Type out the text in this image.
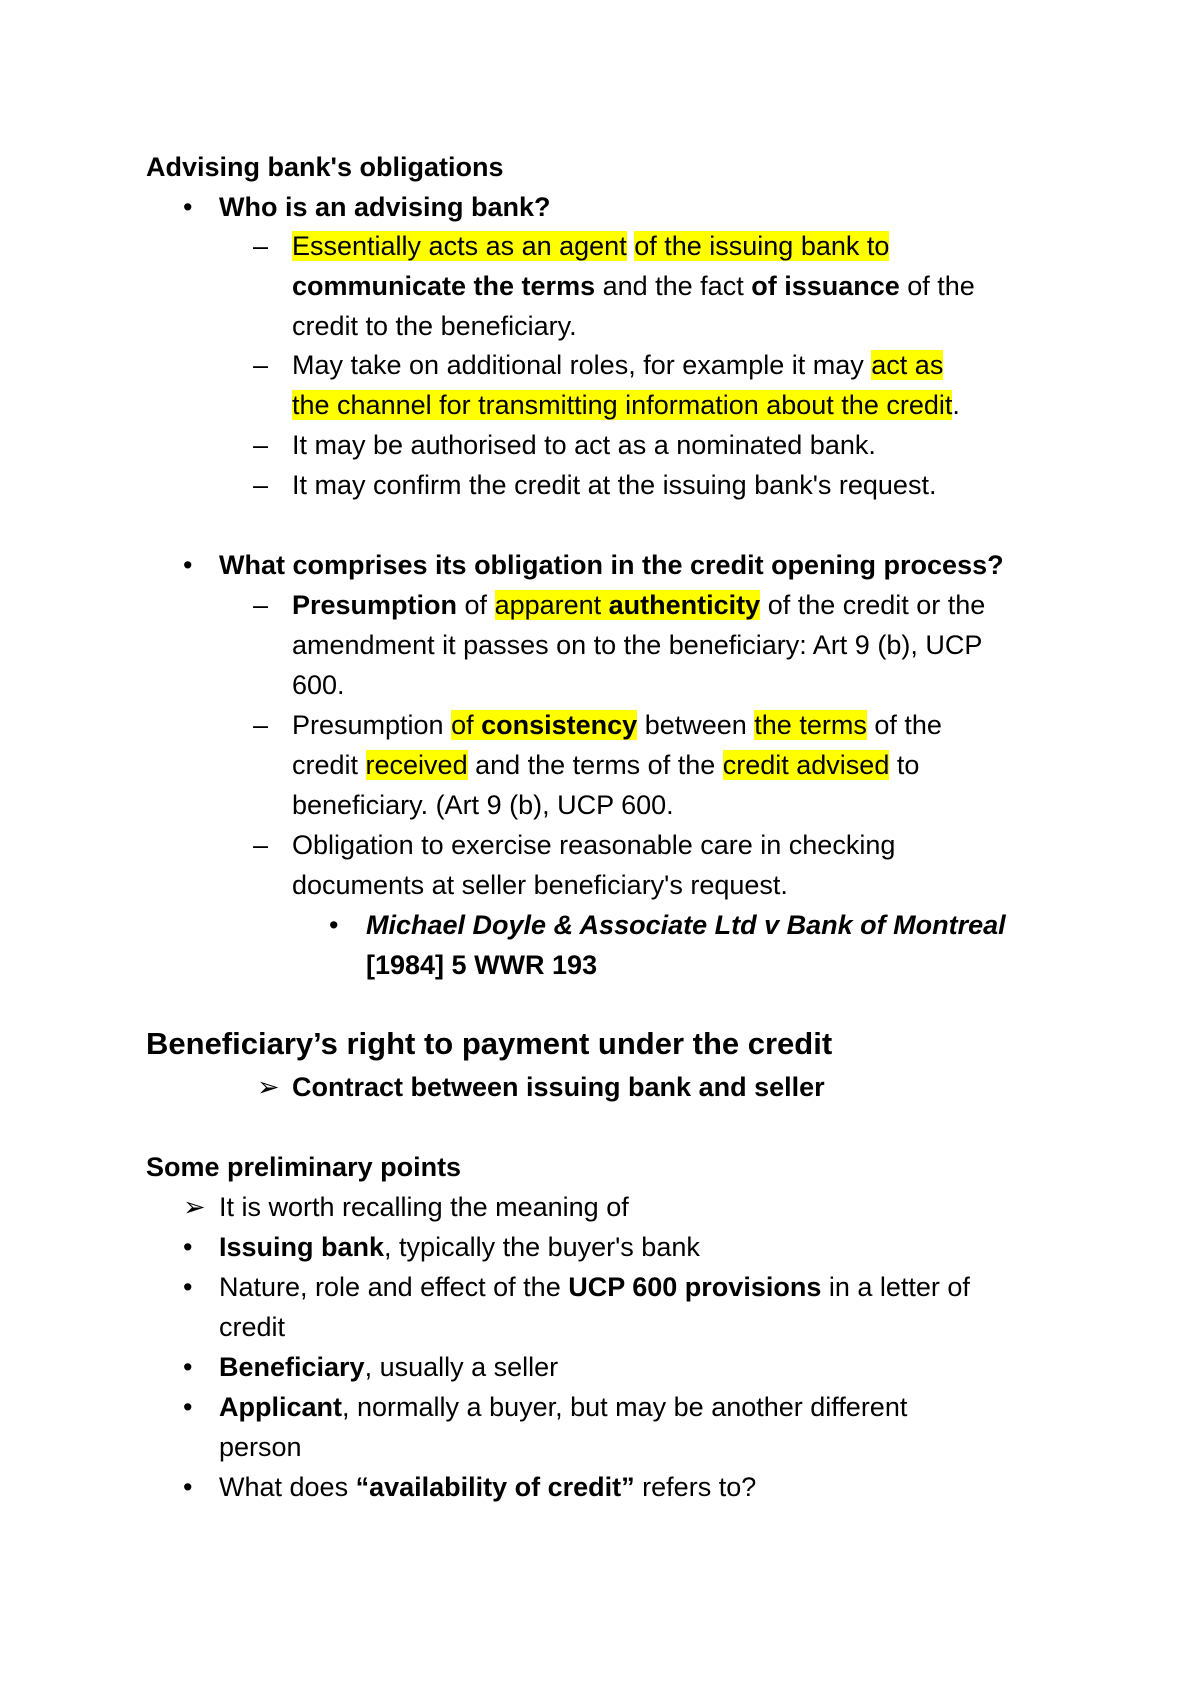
Advising bank's obligations
• Who is an advising bank?
– Essentially acts as an agent of the issuing bank to
communicate the terms and the fact of issuance of the
credit to the beneficiary.
– May take on additional roles, for example it may act as
the channel for transmitting information about the credit.
– It may be authorised to act as a nominated bank.
– It may confirm the credit at the issuing bank's request.
• What comprises its obligation in the credit opening process?
– Presumption of apparent authenticity of the credit or the
amendment it passes on to the beneficiary: Art 9 (b), UCP
600.
– Presumption of consistency between the terms of the
credit received and the terms of the credit advised to
beneficiary. (Art 9 (b), UCP 600.
– Obligation to exercise reasonable care in checking
documents at seller beneficiary's request.
• Michael Doyle & Associate Ltd v Bank of Montreal
[1984] 5 WWR 193
Beneficiary’s right to payment under the credit
➢ Contract between issuing bank and seller
Some preliminary points
➢ It is worth recalling the meaning of
• Issuing bank, typically the buyer's bank
• Nature, role and effect of the UCP 600 provisions in a letter of
credit
• Beneficiary, usually a seller
• Applicant, normally a buyer, but may be another different
person
• What does “availability of credit” refers to?
